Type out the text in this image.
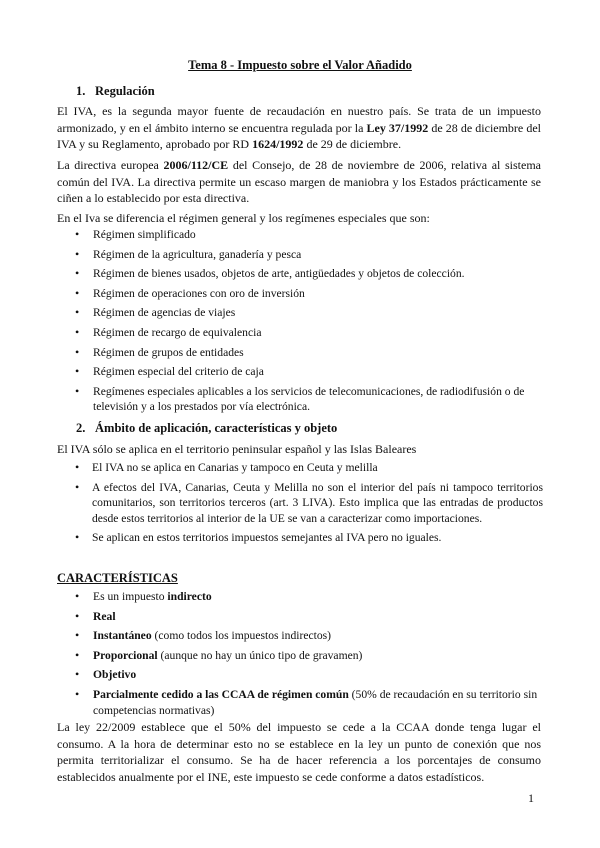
Tema 8 - Impuesto sobre el Valor Añadido
1. Regulación

El IVA, es la segunda mayor fuente de recaudación en nuestro país. Se trata de un impuesto armonizado, y en el ámbito interno se encuentra regulada por la Ley 37/1992 de 28 de diciembre del IVA y su Reglamento, aprobado por RD 1624/1992 de 29 de diciembre.

La directiva europea 2006/112/CE del Consejo, de 28 de noviembre de 2006, relativa al sistema común del IVA. La directiva permite un escaso margen de maniobra y los Estados prácticamente se ciñen a lo establecido por esta directiva.

En el Iva se diferencia el régimen general y los regímenes especiales que son:

• Régimen simplificado
• Régimen de la agricultura, ganadería y pesca
• Régimen de bienes usados, objetos de arte, antigüedades y objetos de colección.
• Régimen de operaciones con oro de inversión
• Régimen de agencias de viajes
• Régimen de recargo de equivalencia
• Régimen de grupos de entidades
• Régimen especial del criterio de caja
• Regímenes especiales aplicables a los servicios de telecomunicaciones, de radiodifusión o de televisión y a los prestados por vía electrónica.
2. Ámbito de aplicación, características y objeto

El IVA sólo se aplica en el territorio peninsular español y las Islas Baleares

• El IVA no se aplica en Canarias y tampoco en Ceuta y melilla
• A efectos del IVA, Canarias, Ceuta y Melilla no son el interior del país ni tampoco territorios comunitarios, son territorios terceros (art. 3 LIVA). Esto implica que las entradas de productos desde estos territorios al interior de la UE se van a caracterizar como importaciones.
• Se aplican en estos territorios impuestos semejantes al IVA pero no iguales.
CARACTERÍSTICAS
• Es un impuesto indirecto
• Real
• Instantáneo (como todos los impuestos indirectos)
• Proporcional (aunque no hay un único tipo de gravamen)
• Objetivo
• Parcialmente cedido a las CCAA de régimen común (50% de recaudación en su territorio sin competencias normativas)

La ley 22/2009 establece que el 50% del impuesto se cede a la CCAA donde tenga lugar el consumo. A la hora de determinar esto no se establece en la ley un punto de conexión que nos permita territorializar el consumo. Se ha de hacer referencia a los porcentajes de consumo establecidos anualmente por el INE, este impuesto se cede conforme a datos estadísticos.

1
